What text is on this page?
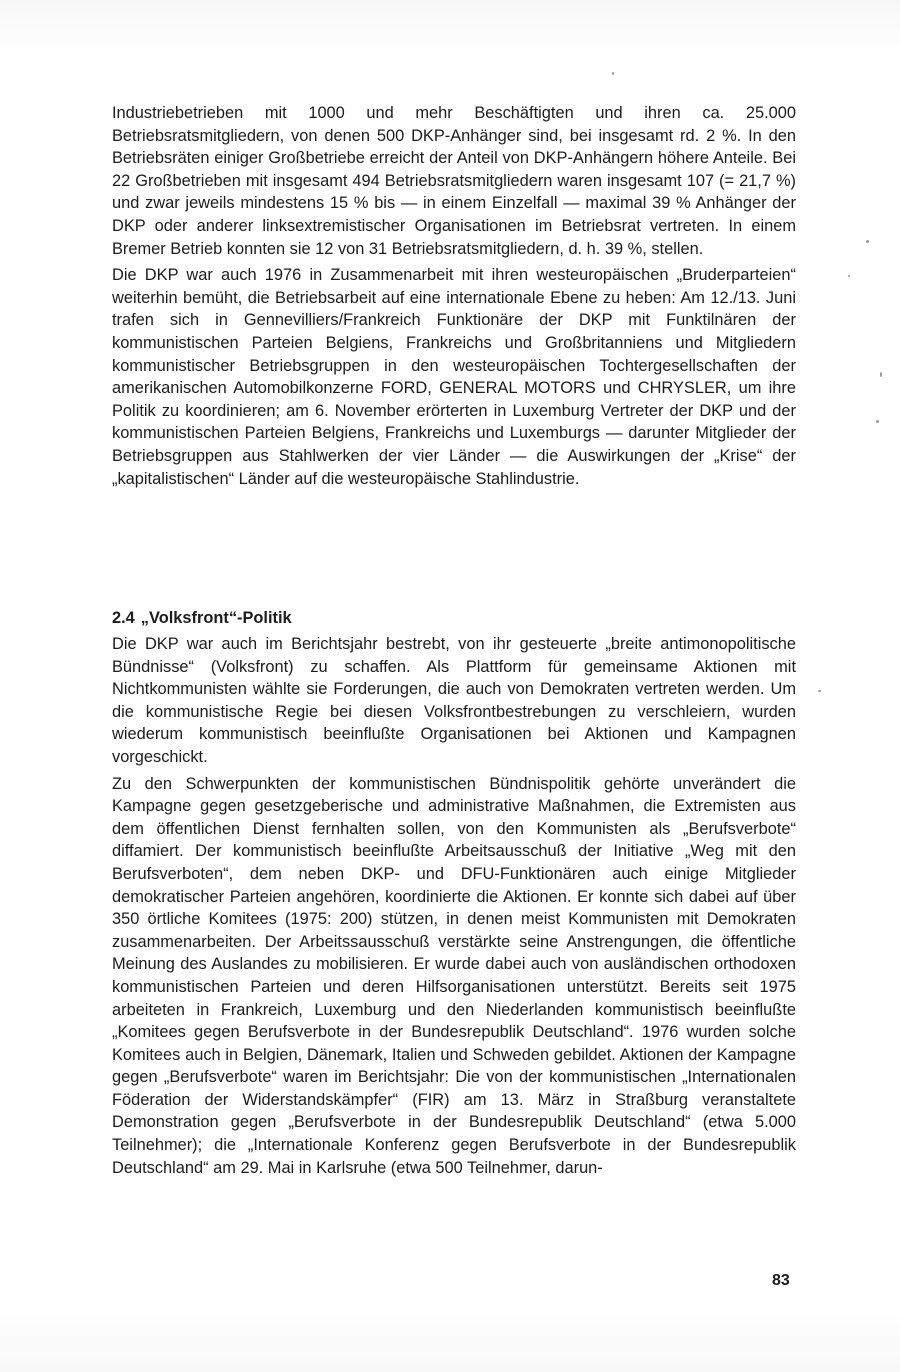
Industriebetrieben mit 1000 und mehr Beschäftigten und ihren ca. 25.000 Betriebsratsmitgliedern, von denen 500 DKP-Anhänger sind, bei insgesamt rd. 2 %. In den Betriebsräten einiger Großbetriebe erreicht der Anteil von DKP-Anhängern höhere Anteile. Bei 22 Großbetrieben mit insgesamt 494 Betriebsratsmitgliedern waren insgesamt 107 (= 21,7 %) und zwar jeweils mindestens 15 % bis — in einem Einzelfall — maximal 39 % Anhänger der DKP oder anderer linksextremistischer Organisationen im Betriebsrat vertreten. In einem Bremer Betrieb konnten sie 12 von 31 Betriebsratsmitgliedern, d. h. 39 %, stellen.

Die DKP war auch 1976 in Zusammenarbeit mit ihren westeuropäischen „Bruderparteien“ weiterhin bemüht, die Betriebsarbeit auf eine internationale Ebene zu heben: Am 12./13. Juni trafen sich in Gennevilliers/Frankreich Funktionäre der DKP mit Funktilnären der kommunistischen Parteien Belgiens, Frankreichs und Großbritanniens und Mitgliedern kommunistischer Betriebsgruppen in den westeuropäischen Tochtergesellschaften der amerikanischen Automobilkonzerne FORD, GENERAL MOTORS und CHRYSLER, um ihre Politik zu koordinieren; am 6. November erörterten in Luxemburg Vertreter der DKP und der kommunistischen Parteien Belgiens, Frankreichs und Luxemburgs — darunter Mitglieder der Betriebsgruppen aus Stahlwerken der vier Länder — die Auswirkungen der „Krise“ der „kapitalistischen“ Länder auf die westeuropäische Stahlindustrie.

2.4 „Volksfront“-Politik

Die DKP war auch im Berichtsjahr bestrebt, von ihr gesteuerte „breite antimonopolitische Bündnisse“ (Volksfront) zu schaffen. Als Plattform für gemeinsame Aktionen mit Nichtkommunisten wählte sie Forderungen, die auch von Demokraten vertreten werden. Um die kommunistische Regie bei diesen Volksfrontbestrebungen zu verschleiern, wurden wiederum kommunistisch beeinflußte Organisationen bei Aktionen und Kampagnen vorgeschickt.

Zu den Schwerpunkten der kommunistischen Bündnispolitik gehörte unverändert die Kampagne gegen gesetzgeberische und administrative Maßnahmen, die Extremisten aus dem öffentlichen Dienst fernhalten sollen, von den Kommunisten als „Berufsverbote“ diffamiert. Der kommunistisch beeinflußte Arbeitsausschuß der Initiative „Weg mit den Berufsverboten“, dem neben DKP- und DFU-Funktionären auch einige Mitglieder demokratischer Parteien angehören, koordinierte die Aktionen. Er konnte sich dabei auf über 350 örtliche Komitees (1975: 200) stützen, in denen meist Kommunisten mit Demokraten zusammenarbeiten. Der Arbeitssausschuß verstärkte seine Anstrengungen, die öffentliche Meinung des Auslandes zu mobilisieren. Er wurde dabei auch von ausländischen orthodoxen kommunistischen Parteien und deren Hilfsorganisationen unterstützt. Bereits seit 1975 arbeiteten in Frankreich, Luxemburg und den Niederlanden kommunistisch beeinflußte „Komitees gegen Berufsverbote in der Bundesrepublik Deutschland“. 1976 wurden solche Komitees auch in Belgien, Dänemark, Italien und Schweden gebildet. Aktionen der Kampagne gegen „Berufsverbote“ waren im Berichtsjahr: Die von der kommunistischen „Internationalen Föderation der Widerstandskämpfer“ (FIR) am 13. März in Straßburg veranstaltete Demonstration gegen „Berufsverbote in der Bundesrepublik Deutschland“ (etwa 5.000 Teilnehmer); die „Internationale Konferenz gegen Berufsverbote in der Bundesrepublik Deutschland“ am 29. Mai in Karlsruhe (etwa 500 Teilnehmer, darun-

83
